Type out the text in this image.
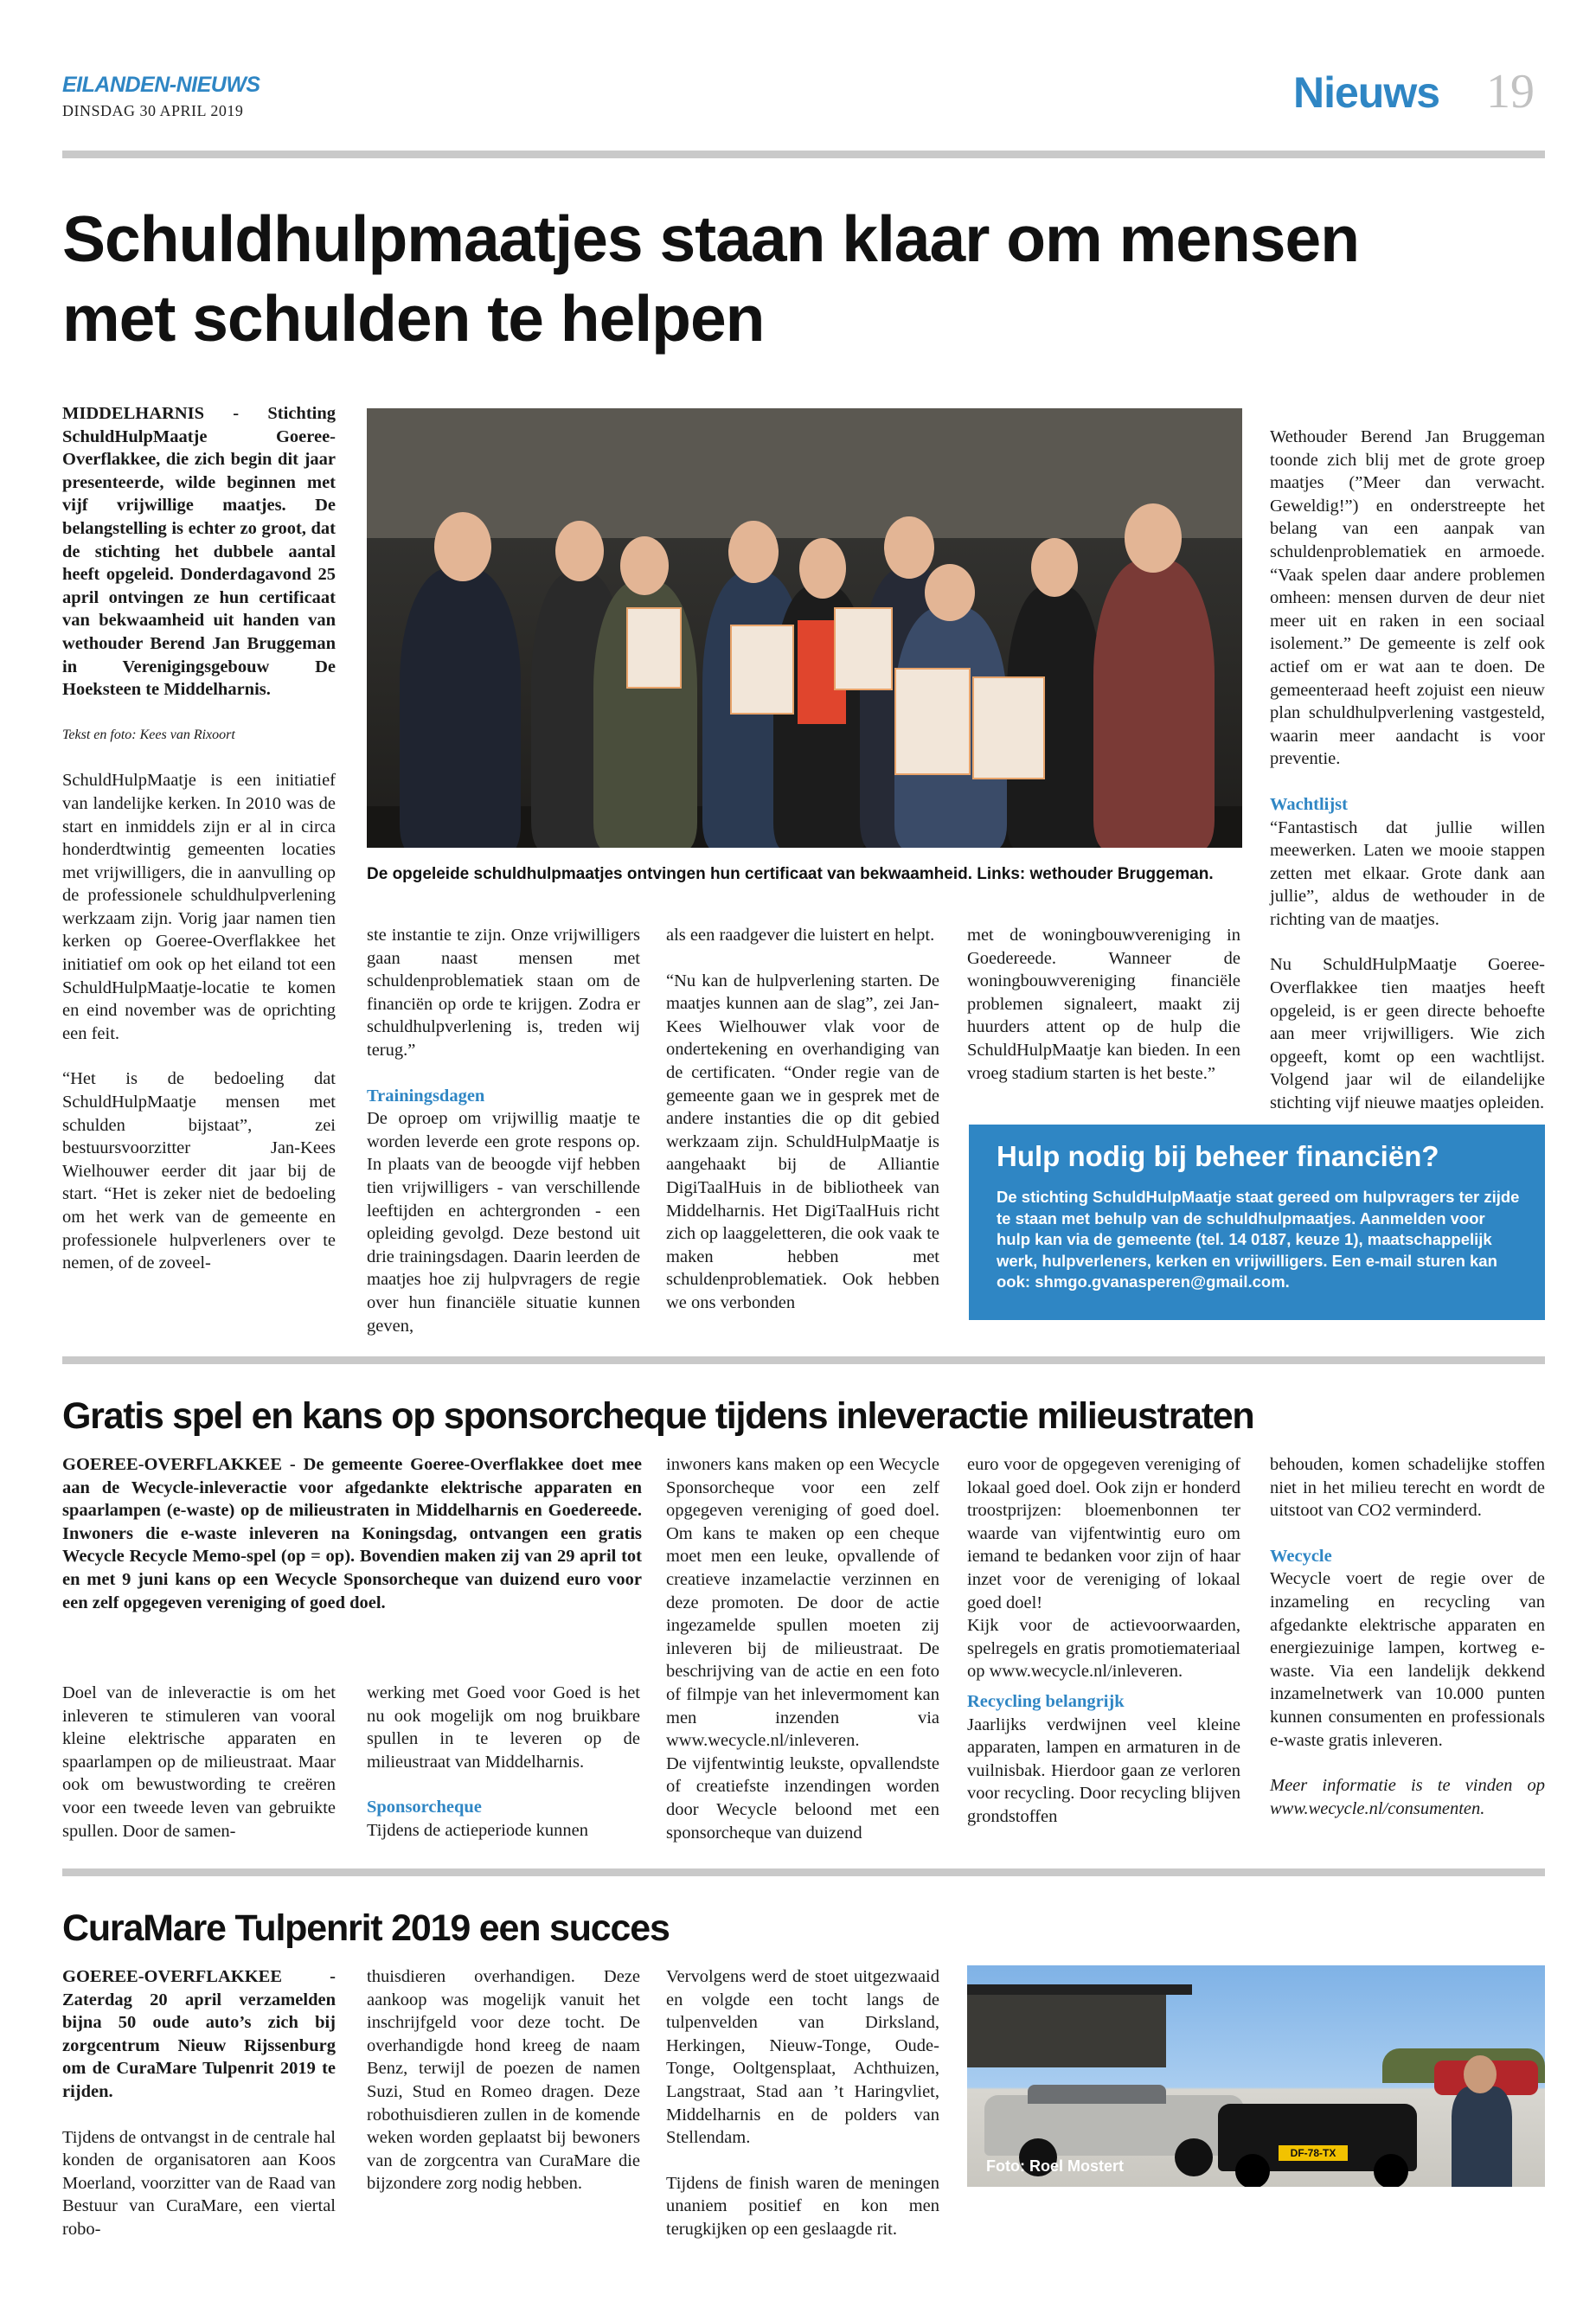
EILANDEN-NIEUWS
DINSDAG 30 APRIL 2019	Nieuws 19
Schuldhulpmaatjes staan klaar om mensen
met schulden te helpen

MIDDELHARNIS - Stichting SchuldHulpMaatje Goeree-Overflakkee, die zich begin dit jaar presenteerde, wilde beginnen met vijf vrijwillige maatjes. De belangstelling is echter zo groot, dat de stichting het dubbele aantal heeft opgeleid. Donderdagavond 25 april ontvingen ze hun certificaat van bekwaamheid uit handen van wethouder Berend Jan Bruggeman in Verenigingsgebouw De Hoeksteen te Middelharnis.

Tekst en foto: Kees van Rixoort

SchuldHulpMaatje is een initiatief van landelijke kerken. In 2010 was de start en inmiddels zijn er al in circa honderdtwintig gemeenten locaties met vrijwilligers, die in aanvulling op de professionele schuldhulpverlening werkzaam zijn. Vorig jaar namen tien kerken op Goeree-Overflakkee het initiatief om ook op het eiland tot een SchuldHulpMaatje-locatie te komen en eind november was de oprichting een feit.

“Het is de bedoeling dat SchuldHulpMaatje mensen met schulden bijstaat”, zei bestuursvoorzitter Jan-Kees Wielhouwer eerder dit jaar bij de start. “Het is zeker niet de bedoeling om het werk van de gemeente en professionele hulpverleners over te nemen, of de zoveel-

De opgeleide schuldhulpmaatjes ontvingen hun certificaat van bekwaamheid. Links: wethouder Bruggeman.

ste instantie te zijn. Onze vrijwilligers gaan naast mensen met schuldenproblematiek staan om de financiën op orde te krijgen. Zodra er schuldhulpverlening is, treden wij terug.”

Trainingsdagen
De oproep om vrijwillig maatje te worden leverde een grote respons op. In plaats van de beoogde vijf hebben tien vrijwilligers - van verschillende leeftijden en achtergronden - een opleiding gevolgd. Deze bestond uit drie trainingsdagen. Daarin leerden de maatjes hoe zij hulpvragers de regie over hun financiële situatie kunnen geven,

als een raadgever die luistert en helpt.

“Nu kan de hulpverlening starten. De maatjes kunnen aan de slag”, zei Jan-Kees Wielhouwer vlak voor de ondertekening en overhandiging van de certificaten. “Onder regie van de gemeente gaan we in gesprek met de andere instanties die op dit gebied werkzaam zijn. SchuldHulpMaatje is aangehaakt bij de Alliantie DigiTaalHuis in de bibliotheek van Middelharnis. Het DigiTaalHuis richt zich op laaggeletteren, die ook vaak te maken hebben met schuldenproblematiek. Ook hebben we ons verbonden

met de woningbouwvereniging in Goedereede. Wanneer de woningbouwvereniging financiële problemen signaleert, maakt zij huurders attent op de hulp die SchuldHulpMaatje kan bieden. In een vroeg stadium starten is het beste.”

Wethouder Berend Jan Bruggeman toonde zich blij met de grote groep maatjes (”Meer dan verwacht. Geweldig!”) en onderstreepte het belang van een aanpak van schuldenproblematiek en armoede. “Vaak spelen daar andere problemen omheen: mensen durven de deur niet meer uit en raken in een sociaal isolement.” De gemeente is zelf ook actief om er wat aan te doen. De gemeenteraad heeft zojuist een nieuw plan schuldhulpverlening vastgesteld, waarin meer aandacht is voor preventie.

Wachtlijst
“Fantastisch dat jullie willen meewerken. Laten we mooie stappen zetten met elkaar. Grote dank aan jullie”, aldus de wethouder in de richting van de maatjes.

Nu SchuldHulpMaatje Goeree-Overflakkee tien maatjes heeft opgeleid, is er geen directe behoefte aan meer vrijwilligers. Wie zich opgeeft, komt op een wachtlijst. Volgend jaar wil de eilandelijke stichting vijf nieuwe maatjes opleiden.

Hulp nodig bij beheer financiën?
De stichting SchuldHulpMaatje staat gereed om hulpvragers ter zijde te staan met behulp van de schuldhulpmaatjes. Aanmelden voor hulp kan via de gemeente (tel. 14 0187, keuze 1), maatschappelijk werk, hulpverleners, kerken en vrijwilligers. Een e-mail sturen kan ook: shmgo.gvanasperen@gmail.com.
Gratis spel en kans op sponsorcheque tijdens inleveractie milieustraten

GOEREE-OVERFLAKKEE - De gemeente Goeree-Overflakkee doet mee aan de Wecycle-inleveractie voor afgedankte elektrische apparaten en spaarlampen (e-waste) op de milieustraten in Middelharnis en Goedereede. Inwoners die e-waste inleveren na Koningsdag, ontvangen een gratis Wecycle Recycle Memo-spel (op = op). Bovendien maken zij van 29 april tot en met 9 juni kans op een Wecycle Sponsorcheque van duizend euro voor een zelf opgegeven vereniging of goed doel.

Doel van de inleveractie is om het inleveren te stimuleren van vooral kleine elektrische apparaten en spaarlampen op de milieustraat. Maar ook om bewustwording te creëren voor een tweede leven van gebruikte spullen. Door de samen-

werking met Goed voor Goed is het nu ook mogelijk om nog bruikbare spullen in te leveren op de milieustraat van Middelharnis.

Sponsorcheque
Tijdens de actieperiode kunnen

inwoners kans maken op een Wecycle Sponsorcheque voor een zelf opgegeven vereniging of goed doel. Om kans te maken op een cheque moet men een leuke, opvallende of creatieve inzamelactie verzinnen en deze promoten. De door de actie ingezamelde spullen moeten zij inleveren bij de milieustraat. De beschrijving van de actie en een foto of filmpje van het inlevermoment kan men inzenden via www.wecycle.nl/inleveren.

De vijfentwintig leukste, opvallendste of creatiefste inzendingen worden door Wecycle beloond met een sponsorcheque van duizend

euro voor de opgegeven vereniging of lokaal goed doel. Ook zijn er honderd troostprijzen: bloemenbonnen ter waarde van vijfentwintig euro om iemand te bedanken voor zijn of haar inzet voor de vereniging of lokaal goed doel!

Kijk voor de actievoorwaarden, spelregels en gratis promotiemateriaal op www.wecycle.nl/inleveren.

Recycling belangrijk
Jaarlijks verdwijnen veel kleine apparaten, lampen en armaturen in de vuilnisbak. Hierdoor gaan ze verloren voor recycling. Door recycling blijven grondstoffen

behouden, komen schadelijke stoffen niet in het milieu terecht en wordt de uitstoot van CO2 verminderd.

Wecycle
Wecycle voert de regie over de inzameling en recycling van afgedankte elektrische apparaten en energiezuinige lampen, kortweg e-waste. Via een landelijk dekkend inzamelnetwerk van 10.000 punten kunnen consumenten en professionals e-waste gratis inleveren.

Meer informatie is te vinden op www.wecycle.nl/consumenten.

CuraMare Tulpenrit 2019 een succes

GOEREE-OVERFLAKKEE - Zaterdag 20 april verzamelden bijna 50 oude auto’s zich bij zorgcentrum Nieuw Rijssenburg om de CuraMare Tulpenrit 2019 te rijden.

Tijdens de ontvangst in de centrale hal konden de organisatoren aan Koos Moerland, voorzitter van de Raad van Bestuur van CuraMare, een viertal robo-

thuisdieren overhandigen. Deze aankoop was mogelijk vanuit het inschrijfgeld voor deze tocht. De overhandigde hond kreeg de naam Benz, terwijl de poezen de namen Suzi, Stud en Romeo dragen. Deze robothuisdieren zullen in de komende weken worden geplaatst bij bewoners van de zorgcentra van CuraMare die bijzondere zorg nodig hebben.

Vervolgens werd de stoet uitgezwaaid en volgde een tocht langs de tulpenvelden van Dirksland, Herkingen, Nieuw-Tonge, Oude-Tonge, Ooltgensplaat, Achthuizen, Langstraat, Stad aan ’t Haringvliet, Middelharnis en de polders van Stellendam.

Tijdens de finish waren de meningen unaniem positief en kon men terugkijken op een geslaagde rit.

DF-78-TX
Foto: Roel Mostert
